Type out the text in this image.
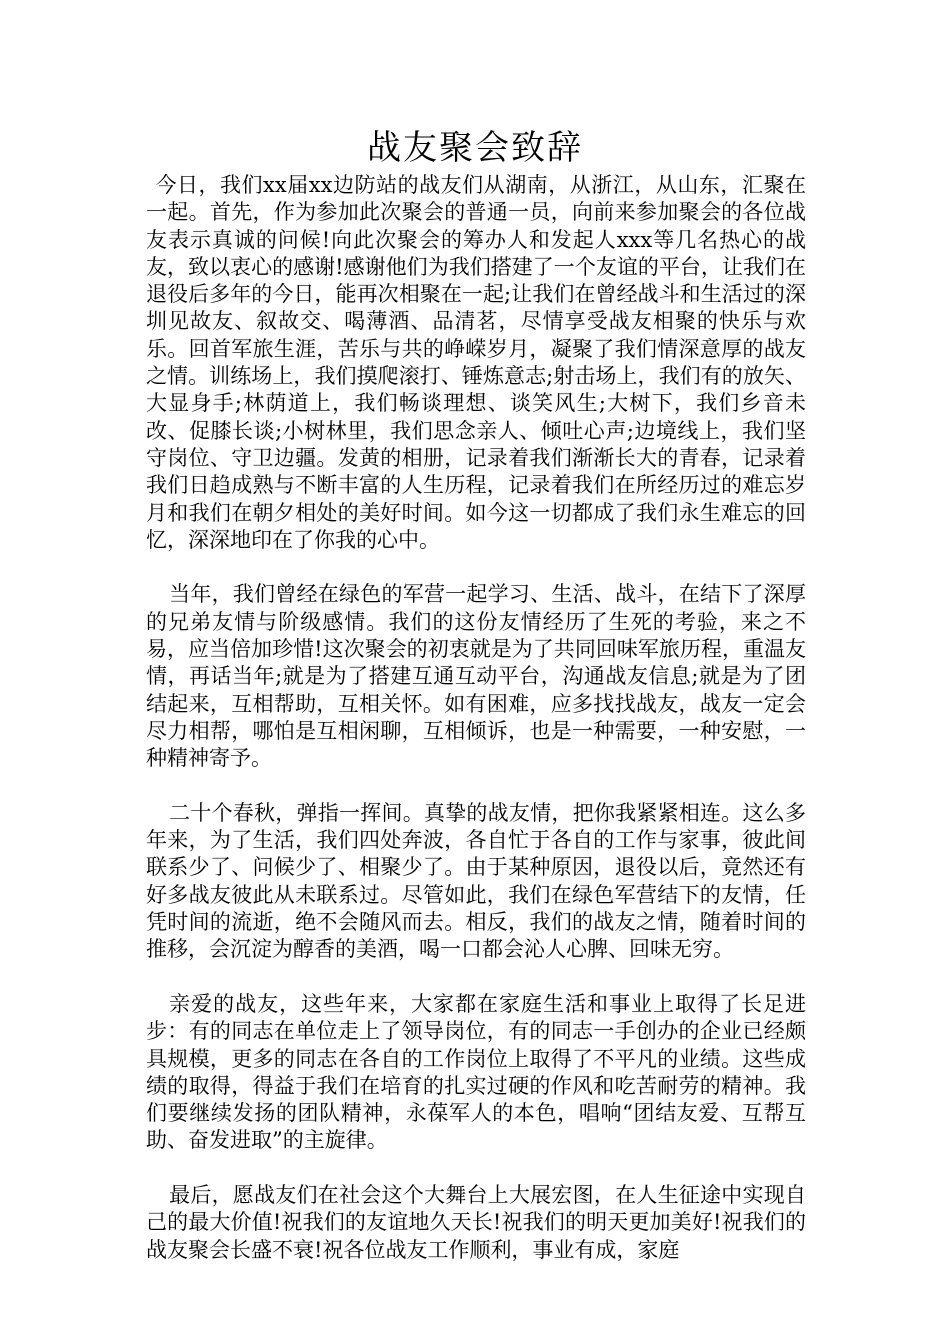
战友聚会致辞

今日，我们xx届xx边防站的战友们从湖南，从浙江，从山东，汇聚在一起。首先，作为参加此次聚会的普通一员，向前来参加聚会的各位战友表示真诚的问候!向此次聚会的筹办人和发起人xxx等几名热心的战友，致以衷心的感谢!感谢他们为我们搭建了一个友谊的平台，让我们在退役后多年的今日，能再次相聚在一起;让我们在曾经战斗和生活过的深圳见故友、叙故交、喝薄酒、品清茗，尽情享受战友相聚的快乐与欢乐。回首军旅生涯，苦乐与共的峥嵘岁月，凝聚了我们情深意厚的战友之情。训练场上，我们摸爬滚打、锤炼意志;射击场上，我们有的放矢、大显身手;林荫道上，我们畅谈理想、谈笑风生;大树下，我们乡音未改、促膝长谈;小树林里，我们思念亲人、倾吐心声;边境线上，我们坚守岗位、守卫边疆。发黄的相册，记录着我们渐渐长大的青春，记录着我们日趋成熟与不断丰富的人生历程，记录着我们在所经历过的难忘岁月和我们在朝夕相处的美好时间。如今这一切都成了我们永生难忘的回忆，深深地印在了你我的心中。

当年，我们曾经在绿色的军营一起学习、生活、战斗，在结下了深厚的兄弟友情与阶级感情。我们的这份友情经历了生死的考验，来之不易，应当倍加珍惜!这次聚会的初衷就是为了共同回味军旅历程，重温友情，再话当年;就是为了搭建互通互动平台，沟通战友信息;就是为了团结起来，互相帮助，互相关怀。如有困难，应多找找战友，战友一定会尽力相帮，哪怕是互相闲聊，互相倾诉，也是一种需要，一种安慰，一种精神寄予。

二十个春秋，弹指一挥间。真挚的战友情，把你我紧紧相连。这么多年来，为了生活，我们四处奔波，各自忙于各自的工作与家事，彼此间联系少了、问候少了、相聚少了。由于某种原因，退役以后，竟然还有好多战友彼此从未联系过。尽管如此，我们在绿色军营结下的友情，任凭时间的流逝，绝不会随风而去。相反，我们的战友之情，随着时间的推移，会沉淀为醇香的美酒，喝一口都会沁人心脾、回味无穷。

亲爱的战友，这些年来，大家都在家庭生活和事业上取得了长足进步：有的同志在单位走上了领导岗位，有的同志一手创办的企业已经颇具规模，更多的同志在各自的工作岗位上取得了不平凡的业绩。这些成绩的取得，得益于我们在培育的扎实过硬的作风和吃苦耐劳的精神。我们要继续发扬的团队精神，永葆军人的本色，唱响“团结友爱、互帮互助、奋发进取”的主旋律。

最后，愿战友们在社会这个大舞台上大展宏图，在人生征途中实现自己的最大价值!祝我们的友谊地久天长!祝我们的明天更加美好!祝我们的战友聚会长盛不衰!祝各位战友工作顺利，事业有成，家庭
